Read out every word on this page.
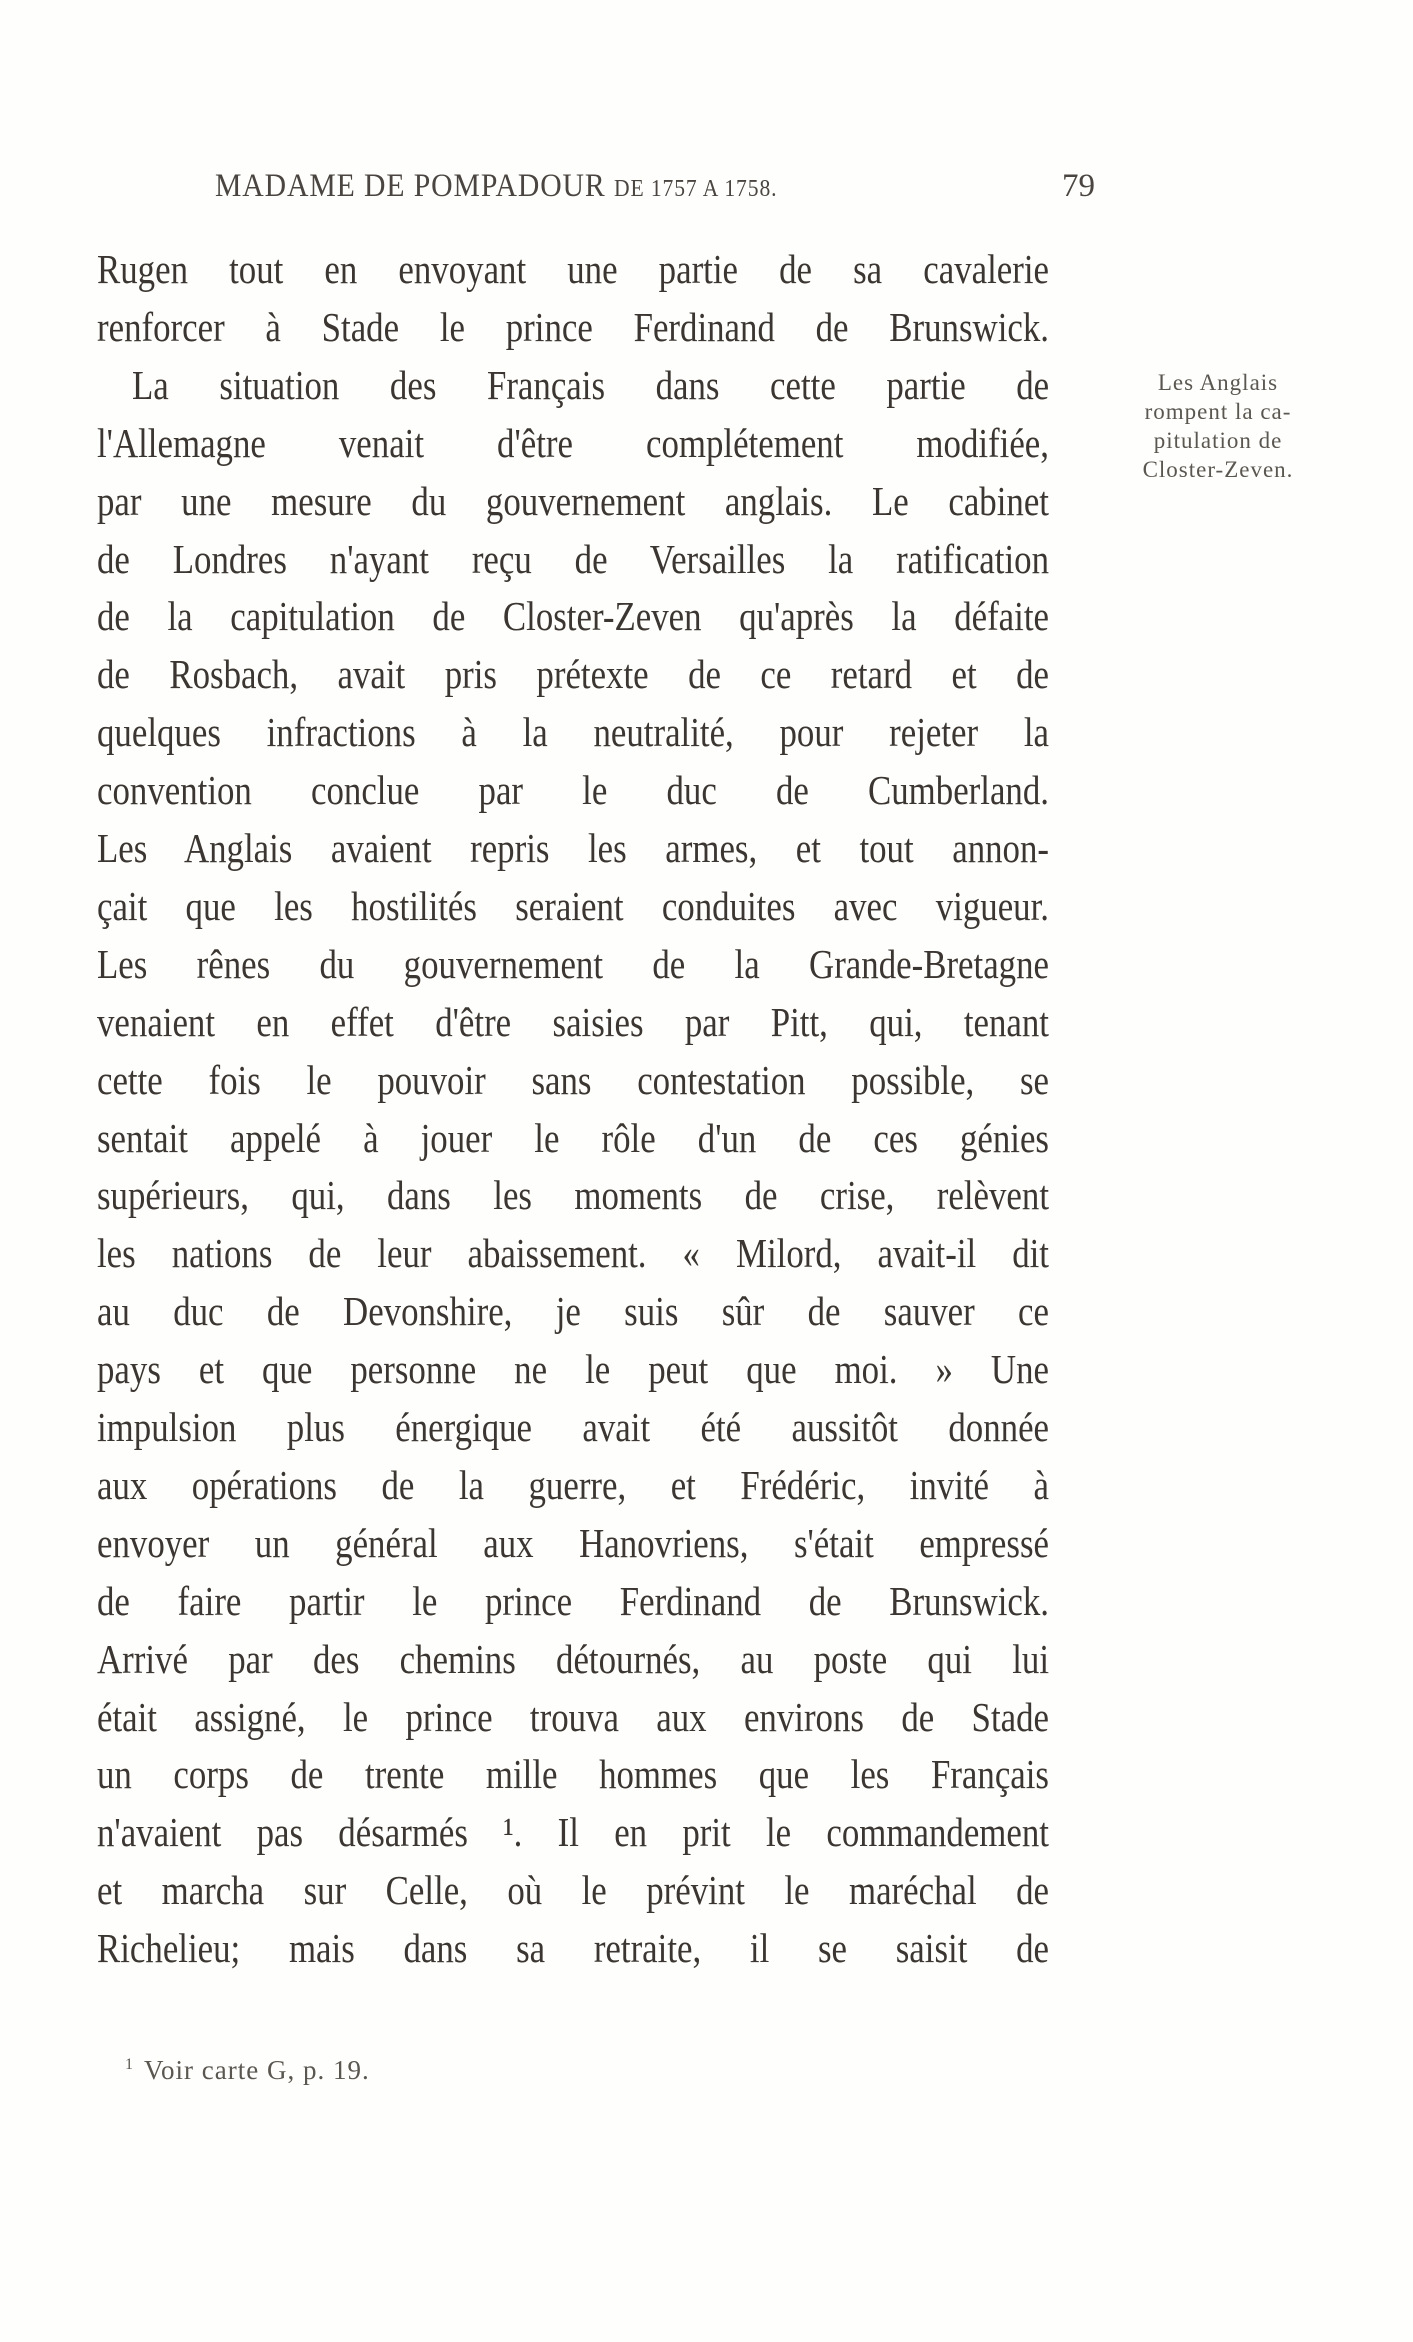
MADAME DE POMPADOUR DE 1757 A 1758.	79
Rugen tout en envoyant une partie de sa cavalerie
renforcer à Stade le prince Ferdinand de Brunswick.
La situation des Français dans cette partie de
l'Allemagne venait d'être complétement modifiée,
par une mesure du gouvernement anglais. Le cabinet
de Londres n'ayant reçu de Versailles la ratification
de la capitulation de Closter-Zeven qu'après la défaite
de Rosbach, avait pris prétexte de ce retard et de
quelques infractions à la neutralité, pour rejeter la
convention conclue par le duc de Cumberland.
Les Anglais avaient repris les armes, et tout annon-
çait que les hostilités seraient conduites avec vigueur.
Les rênes du gouvernement de la Grande-Bretagne
venaient en effet d'être saisies par Pitt, qui, tenant
cette fois le pouvoir sans contestation possible, se
sentait appelé à jouer le rôle d'un de ces génies
supérieurs, qui, dans les moments de crise, relèvent
les nations de leur abaissement. « Milord, avait-il dit
au duc de Devonshire, je suis sûr de sauver ce
pays et que personne ne le peut que moi. » Une
impulsion plus énergique avait été aussitôt donnée
aux opérations de la guerre, et Frédéric, invité à
envoyer un général aux Hanovriens, s'était empressé
de faire partir le prince Ferdinand de Brunswick.
Arrivé par des chemins détournés, au poste qui lui
était assigné, le prince trouva aux environs de Stade
un corps de trente mille hommes que les Français
n'avaient pas désarmés ¹. Il en prit le commandement
et marcha sur Celle, où le prévint le maréchal de
Richelieu; mais dans sa retraite, il se saisit de
Les Anglais
rompent la ca-
pitulation de
Closter-Zeven.
$^1$ Voir carte G, p. 19.
